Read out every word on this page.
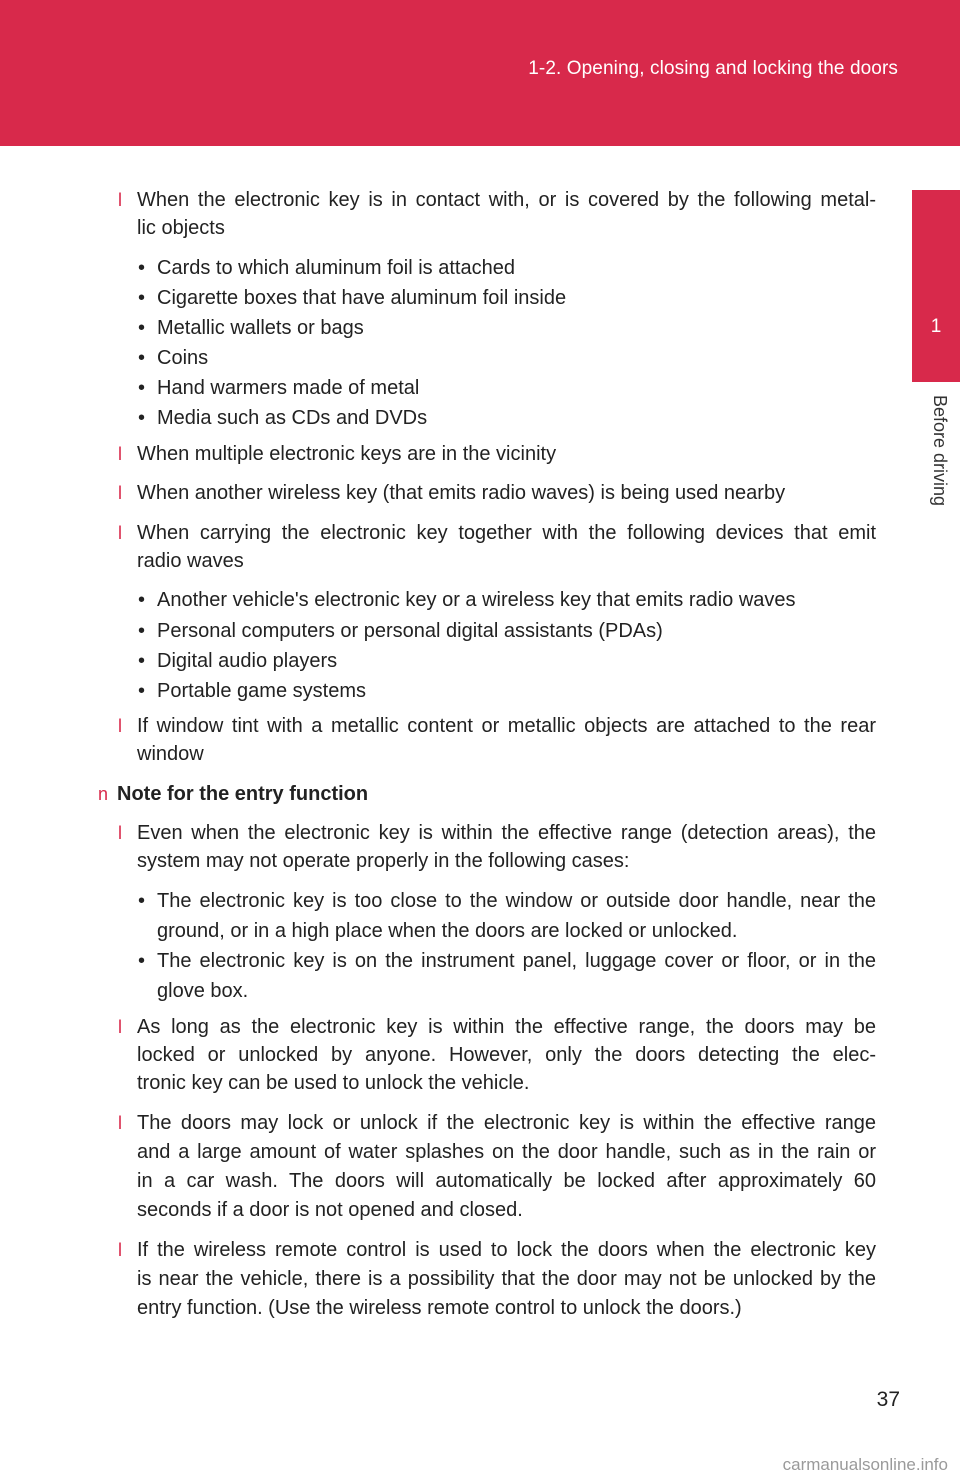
1-2. Opening, closing and locking the doors
1
Before driving
l When the electronic key is in contact with, or is covered by the following metal-
lic objects
• Cards to which aluminum foil is attached
• Cigarette boxes that have aluminum foil inside
• Metallic wallets or bags
• Coins
• Hand warmers made of metal
• Media such as CDs and DVDs
l When multiple electronic keys are in the vicinity
l When another wireless key (that emits radio waves) is being used nearby
l When carrying the electronic key together with the following devices that emit
radio waves
• Another vehicle's electronic key or a wireless key that emits radio waves
• Personal computers or personal digital assistants (PDAs)
• Digital audio players
• Portable game systems
l If window tint with a metallic content or metallic objects are attached to the rear
window
n Note for the entry function
l Even when the electronic key is within the effective range (detection areas), the
system may not operate properly in the following cases:
• The electronic key is too close to the window or outside door handle, near the
ground, or in a high place when the doors are locked or unlocked.
• The electronic key is on the instrument panel, luggage cover or floor, or in the
glove box.
l As long as the electronic key is within the effective range, the doors may be
locked or unlocked by anyone. However, only the doors detecting the elec-
tronic key can be used to unlock the vehicle.
l The doors may lock or unlock if the electronic key is within the effective range
and a large amount of water splashes on the door handle, such as in the rain or
in a car wash. The doors will automatically be locked after approximately 60
seconds if a door is not opened and closed.
l If the wireless remote control is used to lock the doors when the electronic key
is near the vehicle, there is a possibility that the door may not be unlocked by the
entry function. (Use the wireless remote control to unlock the doors.)
37
carmanualsonline.info
